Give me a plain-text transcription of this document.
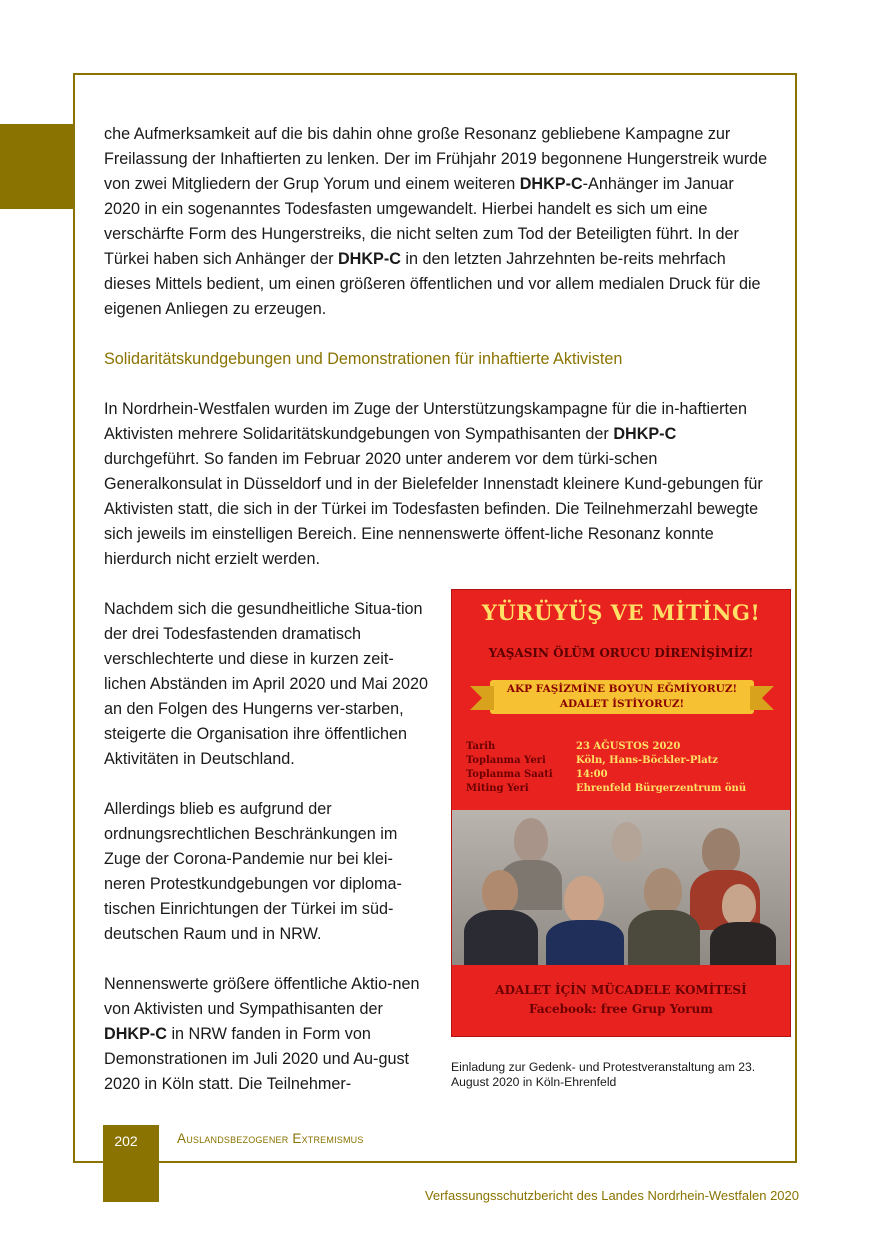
che Aufmerksamkeit auf die bis dahin ohne große Resonanz gebliebene Kampagne zur Freilassung der Inhaftierten zu lenken. Der im Frühjahr 2019 begonnene Hungerstreik wurde von zwei Mitgliedern der Grup Yorum und einem weiteren DHKP-C-Anhänger im Januar 2020 in ein sogenanntes Todesfasten umgewandelt. Hierbei handelt es sich um eine verschärfte Form des Hungerstreiks, die nicht selten zum Tod der Beteiligten führt. In der Türkei haben sich Anhänger der DHKP-C in den letzten Jahrzehnten be-reits mehrfach dieses Mittels bedient, um einen größeren öffentlichen und vor allem medialen Druck für die eigenen Anliegen zu erzeugen.

Solidaritätskundgebungen und Demonstrationen für inhaftierte Aktivisten

In Nordrhein-Westfalen wurden im Zuge der Unterstützungskampagne für die in-haftierten Aktivisten mehrere Solidaritätskundgebungen von Sympathisanten der DHKP-C durchgeführt. So fanden im Februar 2020 unter anderem vor dem türki-schen Generalkonsulat in Düsseldorf und in der Bielefelder Innenstadt kleinere Kund-gebungen für Aktivisten statt, die sich in der Türkei im Todesfasten befinden. Die Teilnehmerzahl bewegte sich jeweils im einstelligen Bereich. Eine nennenswerte öffent-liche Resonanz konnte hierdurch nicht erzielt werden.

Nachdem sich die gesundheitliche Situa-tion der drei Todesfastenden dramatisch verschlechterte und diese in kurzen zeit-lichen Abständen im April 2020 und Mai 2020 an den Folgen des Hungerns ver-starben, steigerte die Organisation ihre öffentlichen Aktivitäten in Deutschland.

Allerdings blieb es aufgrund der ordnungsrechtlichen Beschränkungen im Zuge der Corona-Pandemie nur bei klei-neren Protestkundgebungen vor diploma-tischen Einrichtungen der Türkei im süd-deutschen Raum und in NRW.

Nennenswerte größere öffentliche Aktio-nen von Aktivisten und Sympathisanten der DHKP-C in NRW fanden in Form von Demonstrationen im Juli 2020 und Au-gust 2020 in Köln statt. Die Teilnehmer-

YÜRÜYÜŞ VE MİTİNG!
YAŞASIN ÖLÜM ORUCU DİRENİŞİMİZ!
AKP FAŞİZMİNE BOYUN EĞMİYORUZ!
ADALET İSTİYORUZ!
Tarih	23 AĞUSTOS 2020
Toplanma Yeri	Köln, Hans-Böckler-Platz
Toplanma Saati	14:00
Miting Yeri	Ehrenfeld Bürgerzentrum önü
ADALET İÇİN MÜCADELE KOMİTESİ
Facebook: free Grup Yorum

Einladung zur Gedenk- und Protestveranstaltung am 23. August 2020 in Köln-Ehrenfeld

202	Auslandsbezogener Extremismus
Verfassungsschutzbericht des Landes Nordrhein-Westfalen 2020
